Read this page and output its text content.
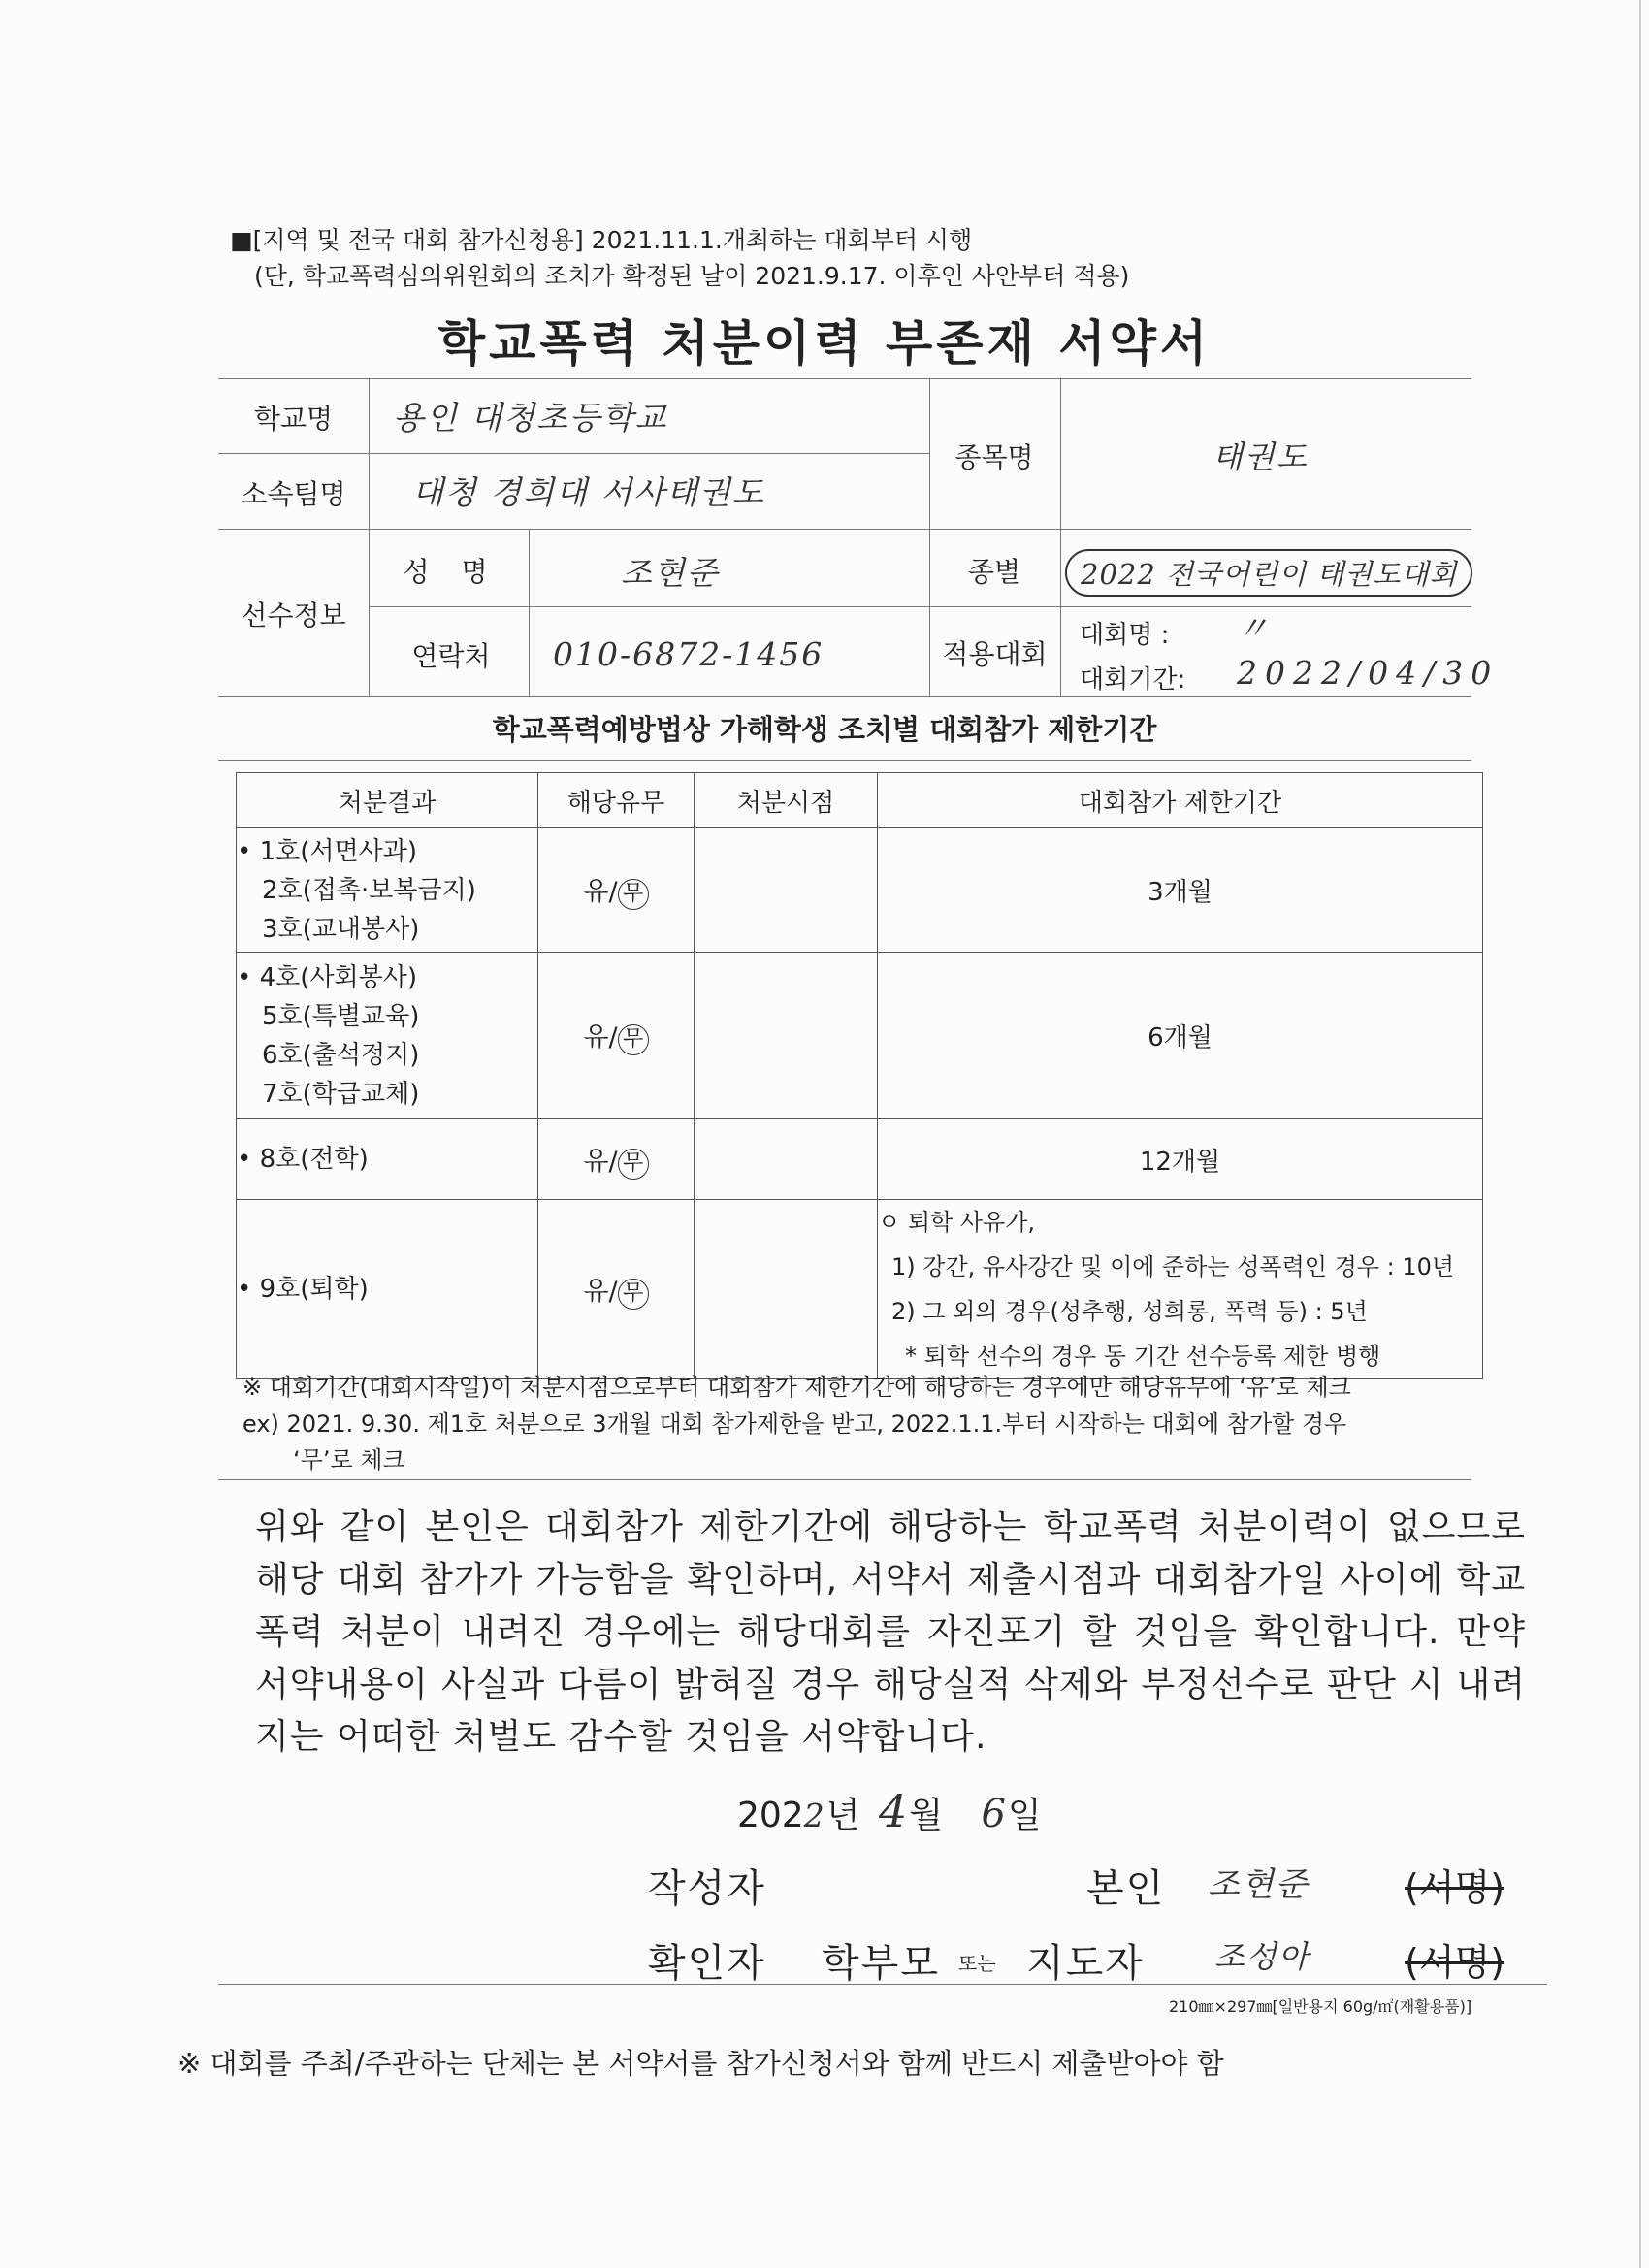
■[지역 및 전국 대회 참가신청용] 2021.11.1.개최하는 대회부터 시행
(단, 학교폭력심의위원회의 조치가 확정된 날이 2021.9.17. 이후인 사안부터 적용)
학교폭력 처분이력 부존재 서약서
학교명	용인 대청초등학교
소속팀명	대청 경희대 서사태권도
종목명	태권도
선수정보
성 명	조현준
연락처	010-6872-1456
종별	2022 전국어린이 태권도대회
적용대회
대회명 : 〃
대회기간: 2022/04/30
학교폭력예방법상 가해학생 조치별 대회참가 제한기간
처분결과	해당유무	처분시점	대회참가 제한기간

• 1호(서면사과)
2호(접촉·보복금지)
3호(교내봉사)	유/ 무		3개월

• 4호(사회봉사)
5호(특별교육)
6호(출석정지)
7호(학급교체)	유/ 무		6개월

• 8호(전학)	유/ 무		12개월

• 9호(퇴학)	유/ 무		ㅇ 퇴학 사유가,
1) 강간, 유사강간 및 이에 준하는 성폭력인 경우 : 10년
2) 그 외의 경우(성추행, 성희롱, 폭력 등) : 5년
* 퇴학 선수의 경우 동 기간 선수등록 제한 병행
※ 대회기간(대회시작일)이 처분시점으로부터 대회참가 제한기간에 해당하는 경우에만 해당유무에 ‘유’로 체크
ex) 2021. 9.30. 제1호 처분으로 3개월 대회 참가제한을 받고, 2022.1.1.부터 시작하는 대회에 참가할 경우
‘무’로 체크
위와 같이 본인은 대회참가 제한기간에 해당하는 학교폭력 처분이력이 없으므로 해당 대회 참가가 가능함을 확인하며, 서약서 제출시점과 대회참가일 사이에 학교폭력 처분이 내려진 경우에는 해당대회를 자진포기 할 것임을 확인합니다. 만약 서약내용이 사실과 다름이 밝혀질 경우 해당실적 삭제와 부정선수로 판단 시 내려지는 어떠한 처벌도 감수할 것임을 서약합니다.
2022년 4월 6일
작성자	본인 조현준	(서명)
확인자 학부모 또는 지도자 조성아	(서명)
210㎜×297㎜[일반용지 60g/㎡(재활용품)]
※ 대회를 주최/주관하는 단체는 본 서약서를 참가신청서와 함께 반드시 제출받아야 함
